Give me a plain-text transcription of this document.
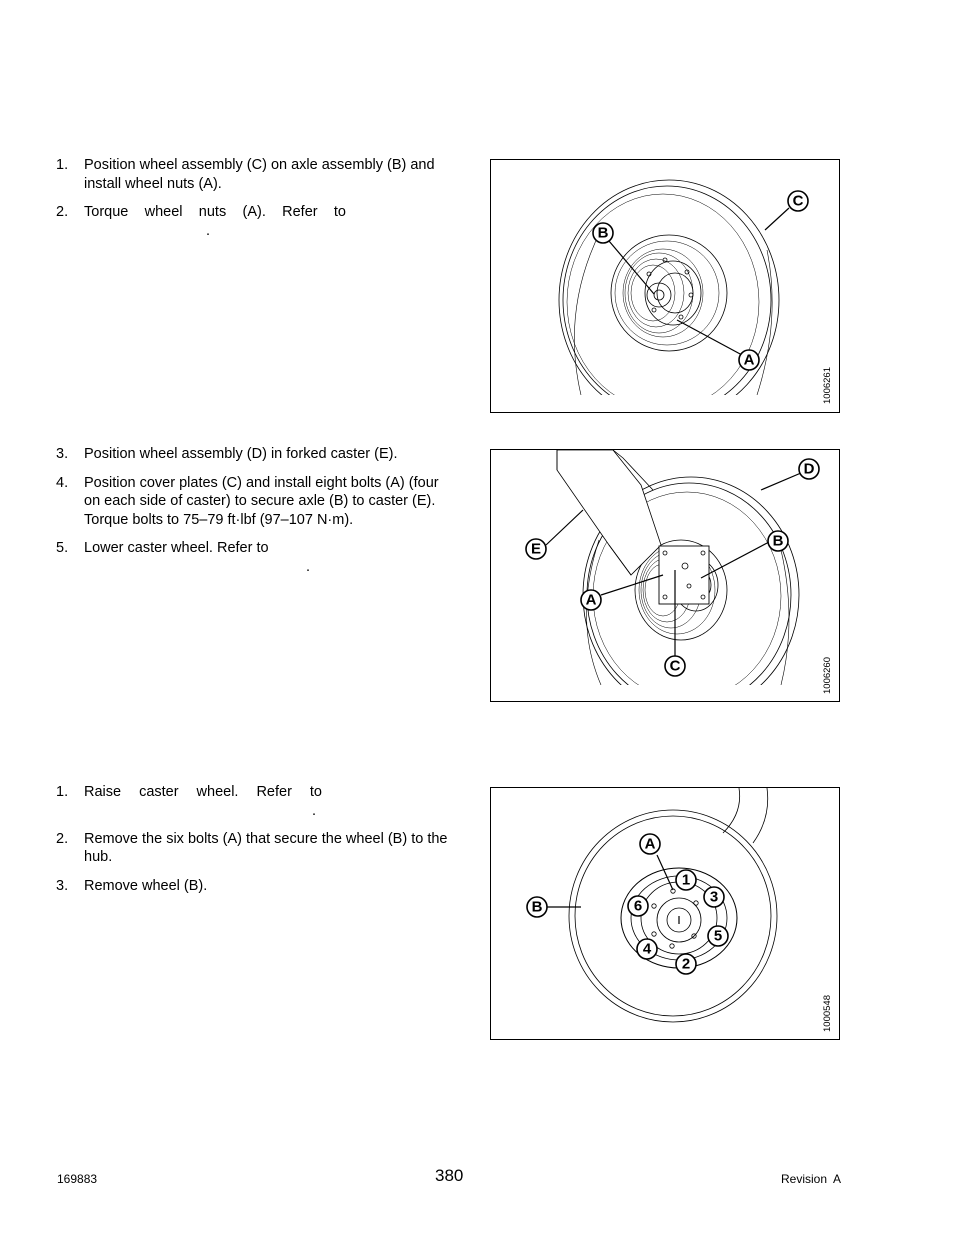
1.	Position wheel assembly (C) on axle assembly (B) and install wheel nuts (A).
2.	Torque wheel nuts (A). Refer to
.	B
C
A
1006261
3.	Position wheel assembly (D) in forked caster (E).
4.	Position cover plates (C) and install eight bolts (A) (four on each side of caster) to secure axle (B) to caster (E). Torque bolts to 75–79 ft·lbf (97–107 N·m).
5.	Lower caster wheel. Refer to
.
D
E	B
A
C	1006260
1.	Raise caster wheel. Refer to
.
2.	Remove the six bolts (A) that secure the wheel (B) to the hub.
3.	Remove wheel (B).
A
B
1
3
6
5
4
2
1000548
169883	380	Revision  A
